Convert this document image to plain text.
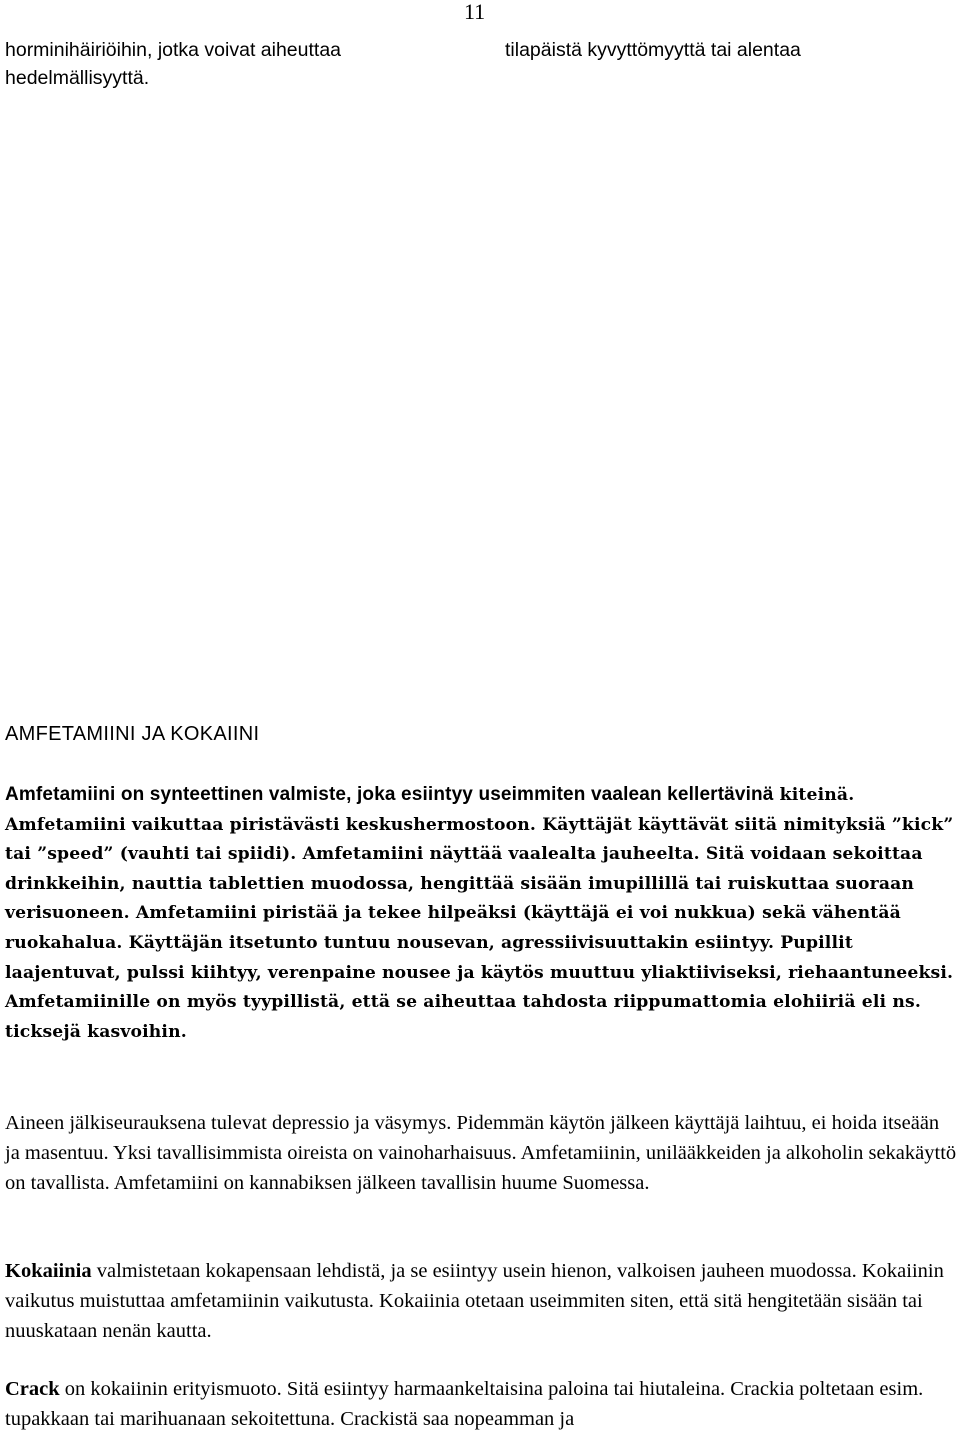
11
horminihäiriöihin, jotka voivat aiheuttaa hedelmällisyyttä.
tilapäistä kyvyttömyyttä tai alentaa
AMFETAMIINI JA KOKAIINI
Amfetamiini on synteettinen valmiste, joka esiintyy useimmiten vaalean kellertävinä kiteinä. Amfetamiini vaikuttaa piristävästi keskushermostoon. Käyttäjät käyttävät siitä nimityksiä ”kick” tai ”speed” (vauhti tai spiidi). Amfetamiini näyttää vaalealta jauheelta. Sitä voidaan sekoittaa drinkkeihin, nauttia tablettien muodossa, hengittää sisään imupillillä tai ruiskuttaa suoraan verisuoneen. Amfetamiini piristää ja tekee hilpeäksi (käyttäjä ei voi nukkua) sekä vähentää ruokahalua. Käyttäjän itsetunto tuntuu nousevan, agressiivisuuttakin esiintyy. Pupillit laajentuvat, pulssi kiihtyy, verenpaine nousee ja käytös muuttuu yliaktiiviseksi, riehaantuneeksi. Amfetamiinille on myös tyypillistä, että se aiheuttaa tahdosta riippumattomia elohiiriä eli ns. ticksejä kasvoihin.
Aineen jälkiseurauksena tulevat depressio ja väsymys. Pidemmän käytön jälkeen käyttäjä laihtuu, ei hoida itseään ja masentuu. Yksi tavallisimmista oireista on vainoharhaisuus. Amfetamiinin, unilääkkeiden ja alkoholin sekakäyttö on tavallista. Amfetamiini on kannabiksen jälkeen tavallisin huume Suomessa.
Kokaiinia valmistetaan kokapensaan lehdistä, ja se esiintyy usein hienon, valkoisen jauheen muodossa. Kokaiinin vaikutus muistuttaa amfetamiinin vaikutusta. Kokaiinia otetaan useimmiten siten, että sitä hengitetään sisään tai nuuskataan nenän kautta.
Crack on kokaiinin erityismuoto. Sitä esiintyy harmaankeltaisina paloina tai hiutaleina. Crackia poltetaan esim. tupakkaan tai marihuanaan sekoitettuna. Crackistä saa nopeamman ja
